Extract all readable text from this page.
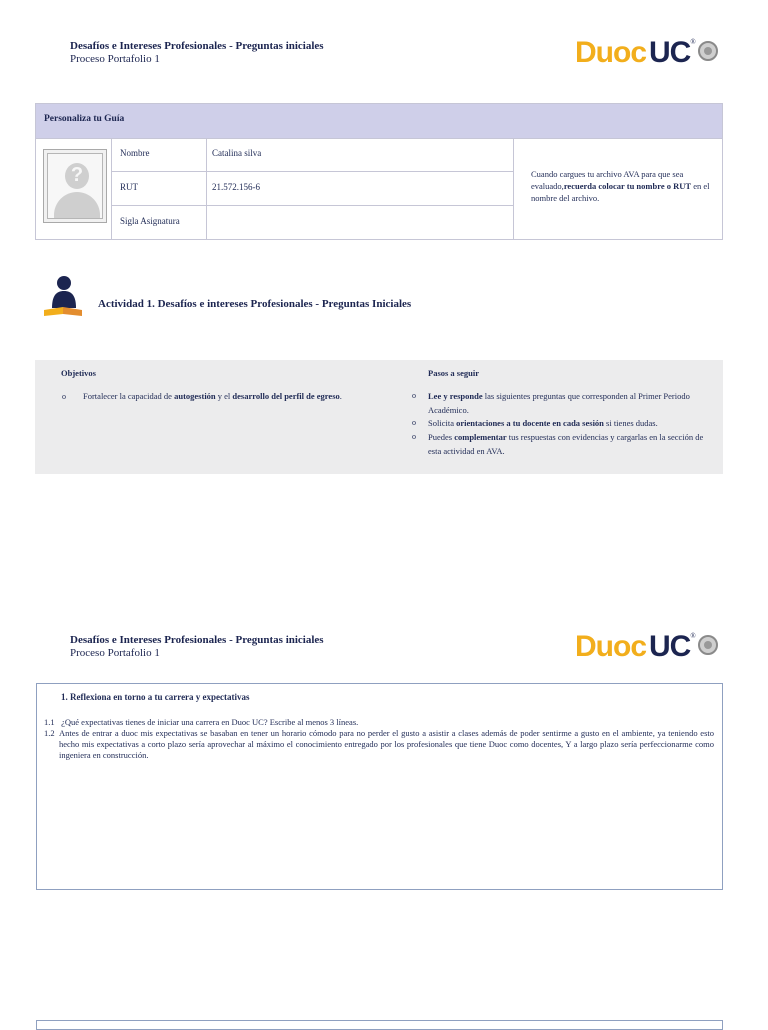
Desafíos e Intereses Profesionales - Preguntas iniciales
Proceso Portafolio 1	Duoc UC ®
Personaliza tu Guía
?
Nombre	Catalina silva
RUT	21.572.156-6
Sigla Asignatura
Cuando cargues tu archivo AVA para que sea evaluado,recuerda colocar tu nombre o RUT en el nombre del archivo.
Actividad 1. Desafíos e intereses Profesionales - Preguntas Iniciales
Objetivos
o Fortalecer la capacidad de autogestión y el desarrollo del perfil de egreso.
Pasos a seguir
o Lee y responde las siguientes preguntas que corresponden al Primer Periodo Académico.
o Solicita orientaciones a tu docente en cada sesión si tienes dudas.
o Puedes complementar tus respuestas con evidencias y cargarlas en la sección de esta actividad en AVA.
Desafíos e Intereses Profesionales - Preguntas iniciales
Proceso Portafolio 1	Duoc UC ®
1. Reflexiona en torno a tu carrera y expectativas
1.1 ¿Qué expectativas tienes de iniciar una carrera en Duoc UC? Escribe al menos 3 líneas.
1.2 Antes de entrar a duoc mis expectativas se basaban en tener un horario cómodo para no perder el gusto a asistir a clases además de poder sentirme a gusto en el ambiente, ya teniendo esto hecho mis expectativas a corto plazo sería aprovechar al máximo el conocimiento entregado por los profesionales que tiene Duoc como docentes, Y a largo plazo sería perfeccionarme como ingeniera en construcción.
